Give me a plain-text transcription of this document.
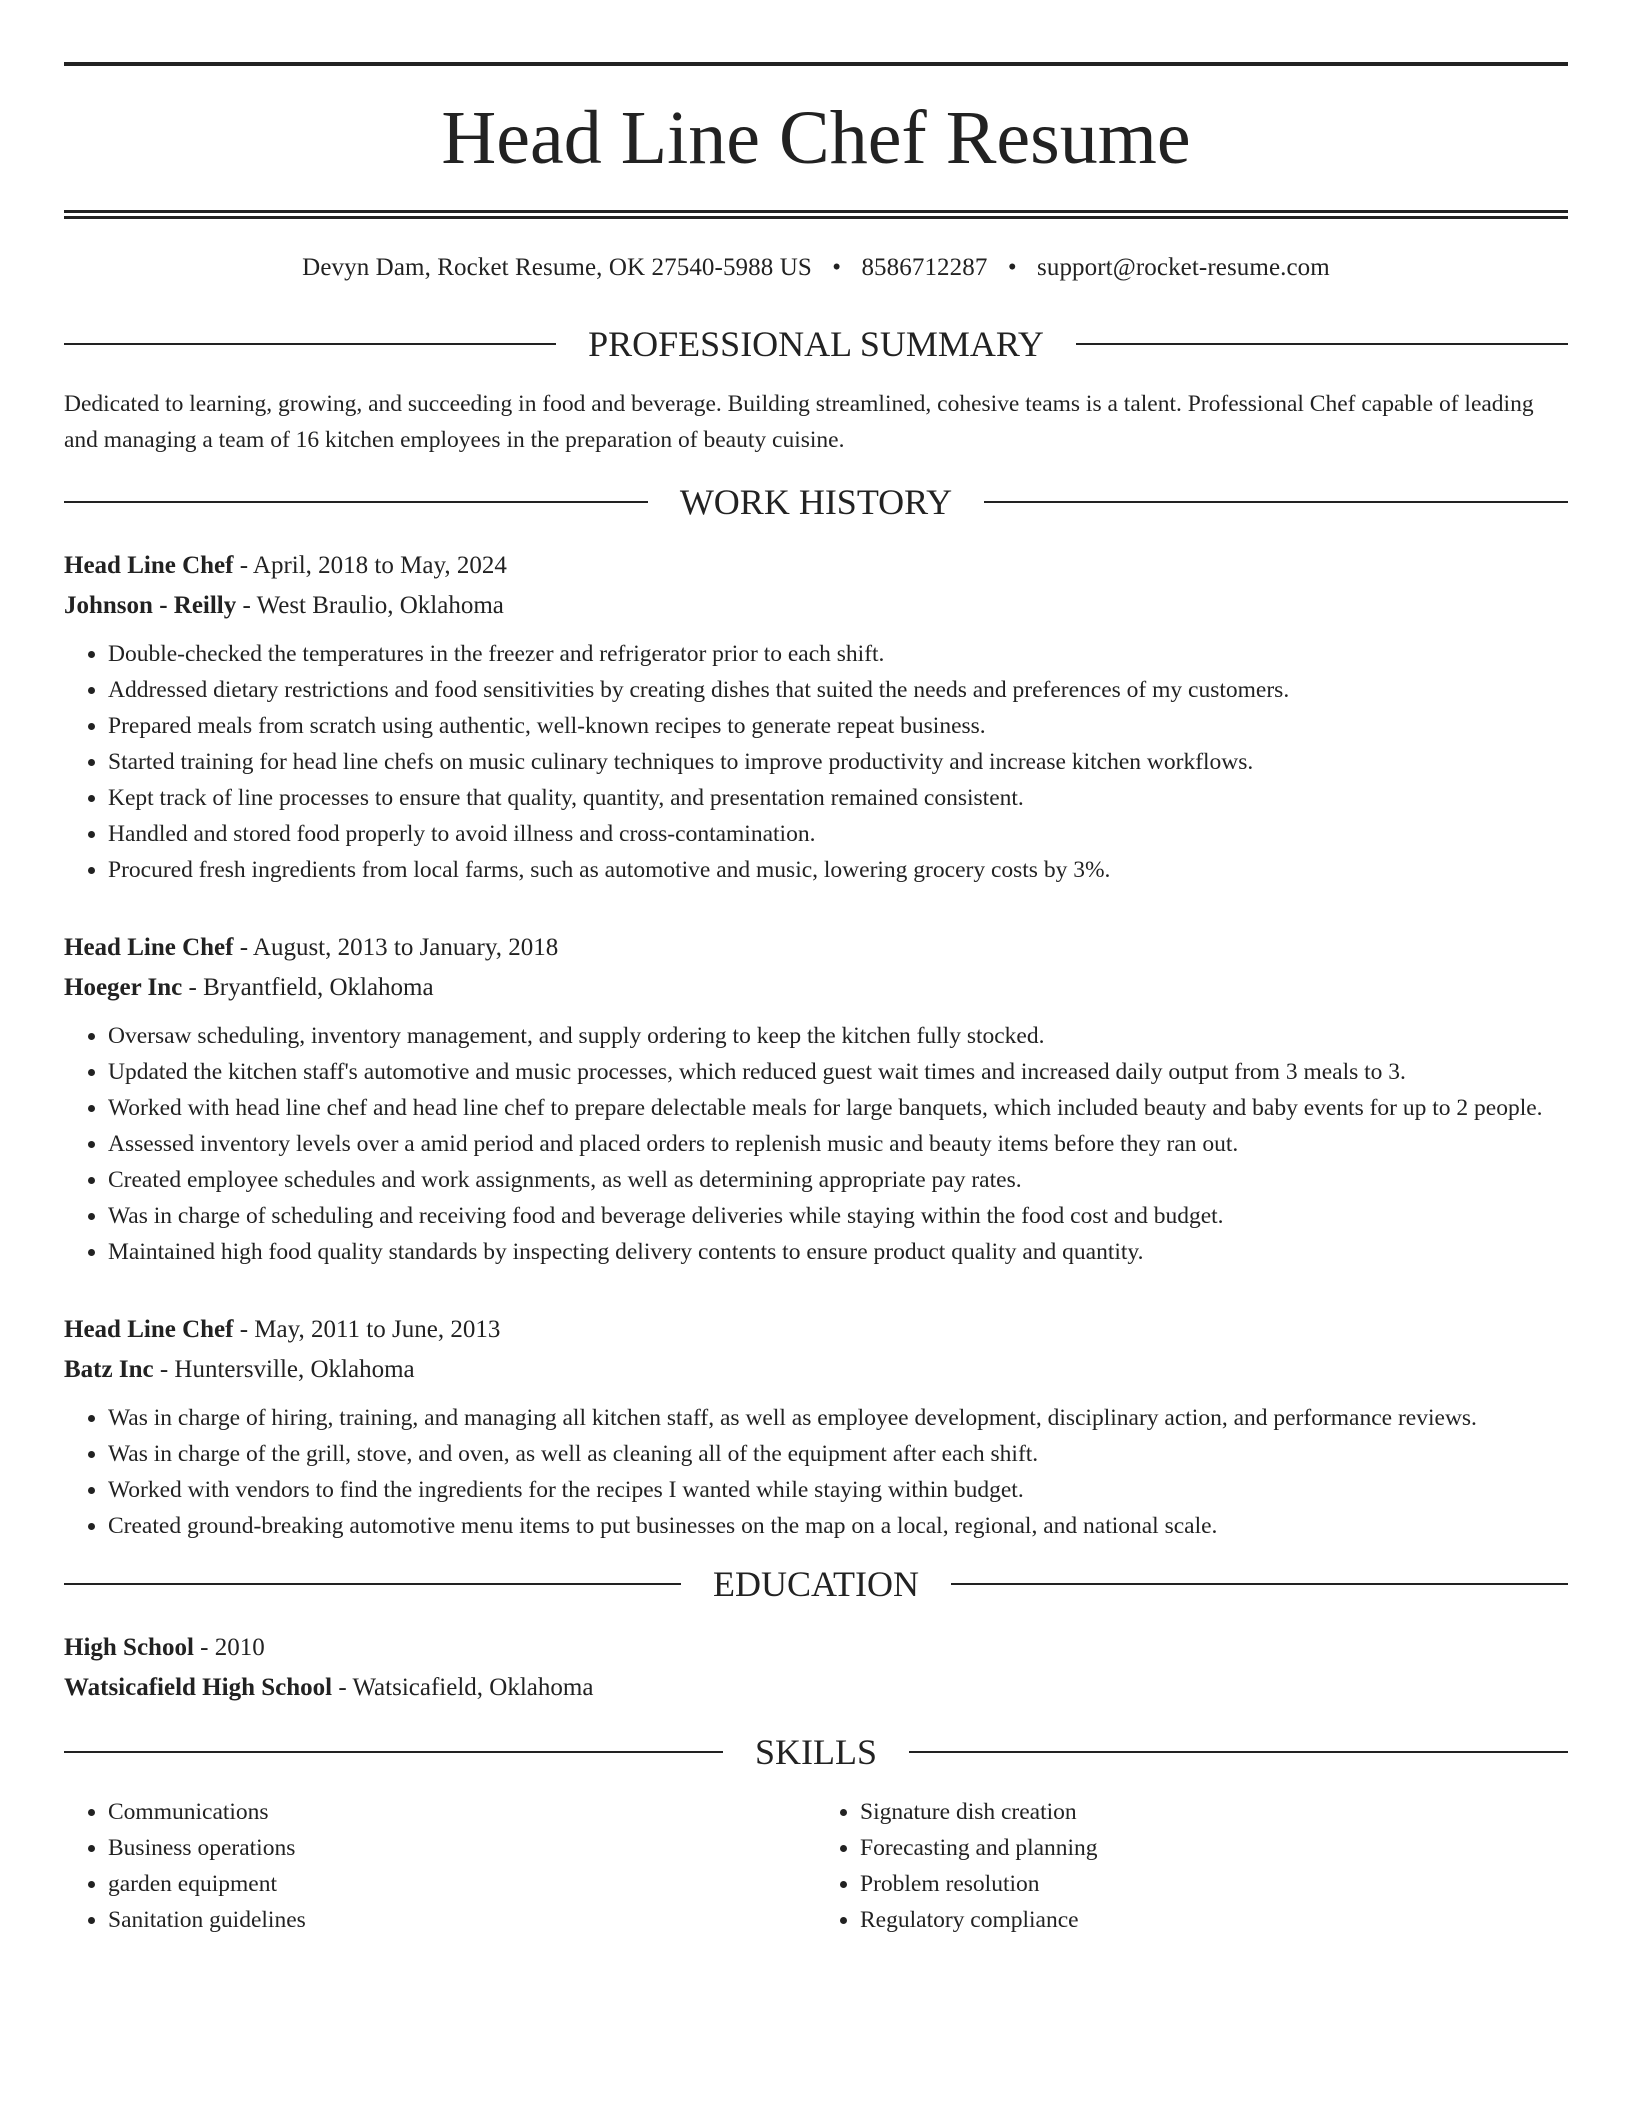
Head Line Chef Resume
Devyn Dam, Rocket Resume, OK 27540-5988 US • 8586712287 • support@rocket-resume.com
PROFESSIONAL SUMMARY

Dedicated to learning, growing, and succeeding in food and beverage. Building streamlined, cohesive teams is a talent. Professional Chef capable of leading and managing a team of 16 kitchen employees in the preparation of beauty cuisine.

WORK HISTORY
Head Line Chef - April, 2018 to May, 2024
Johnson - Reilly - West Braulio, Oklahoma
• Double-checked the temperatures in the freezer and refrigerator prior to each shift.
• Addressed dietary restrictions and food sensitivities by creating dishes that suited the needs and preferences of my customers.
• Prepared meals from scratch using authentic, well-known recipes to generate repeat business.
• Started training for head line chefs on music culinary techniques to improve productivity and increase kitchen workflows.
• Kept track of line processes to ensure that quality, quantity, and presentation remained consistent.
• Handled and stored food properly to avoid illness and cross-contamination.
• Procured fresh ingredients from local farms, such as automotive and music, lowering grocery costs by 3%.
Head Line Chef - August, 2013 to January, 2018
Hoeger Inc - Bryantfield, Oklahoma
• Oversaw scheduling, inventory management, and supply ordering to keep the kitchen fully stocked.
• Updated the kitchen staff's automotive and music processes, which reduced guest wait times and increased daily output from 3 meals to 3.
• Worked with head line chef and head line chef to prepare delectable meals for large banquets, which included beauty and baby events for up to 2 people.
• Assessed inventory levels over a amid period and placed orders to replenish music and beauty items before they ran out.
• Created employee schedules and work assignments, as well as determining appropriate pay rates.
• Was in charge of scheduling and receiving food and beverage deliveries while staying within the food cost and budget.
• Maintained high food quality standards by inspecting delivery contents to ensure product quality and quantity.
Head Line Chef - May, 2011 to June, 2013
Batz Inc - Huntersville, Oklahoma
• Was in charge of hiring, training, and managing all kitchen staff, as well as employee development, disciplinary action, and performance reviews.
• Was in charge of the grill, stove, and oven, as well as cleaning all of the equipment after each shift.
• Worked with vendors to find the ingredients for the recipes I wanted while staying within budget.
• Created ground-breaking automotive menu items to put businesses on the map on a local, regional, and national scale.
EDUCATION
High School - 2010
Watsicafield High School - Watsicafield, Oklahoma
SKILLS
• Communications
• Business operations
• garden equipment
• Sanitation guidelines
• Signature dish creation
• Forecasting and planning
• Problem resolution
• Regulatory compliance
